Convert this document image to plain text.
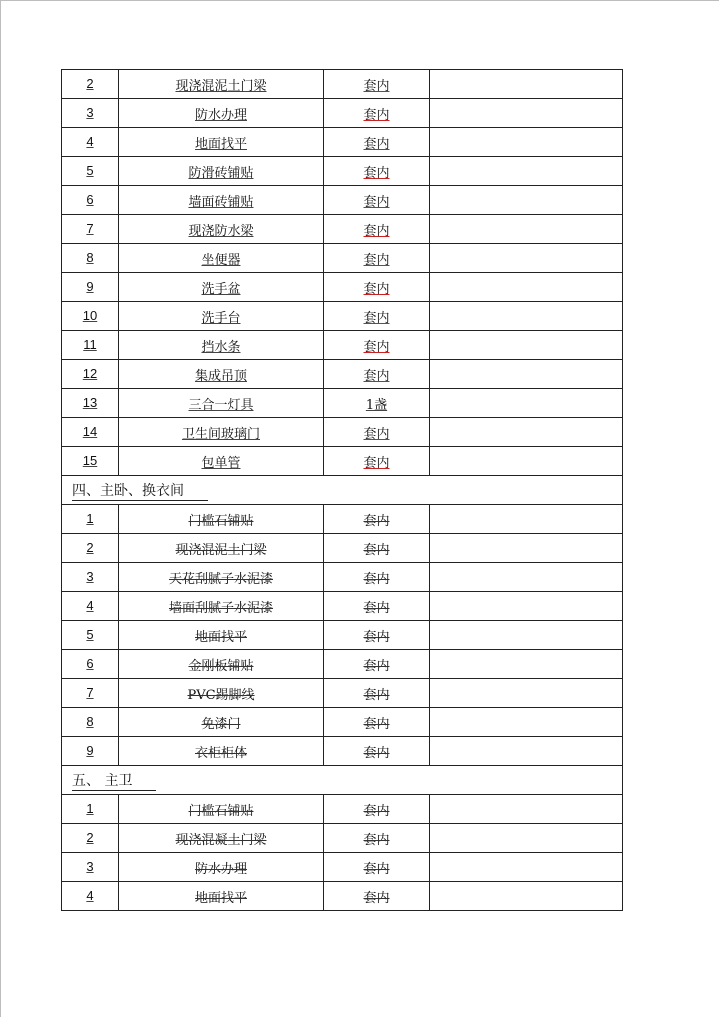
2	现浇混泥土门梁	套内	
3	防水办理	套内	
4	地面找平	套内	
5	防滑砖铺贴	套内	
6	墙面砖铺贴	套内	
7	现浇防水梁	套内	
8	坐便器	套内	
9	洗手盆	套内	
10	洗手台	套内	
11	挡水条	套内	
12	集成吊顶	套内	
13	三合一灯具	1盏	
14	卫生间玻璃门	套内	
15	包单管	套内	
四、主卧、换衣间			
1	门槛石铺贴	套内	
2	现浇混泥土门梁	套内	
3	天花刮腻子水泥漆	套内	
4	墙面刮腻子水泥漆	套内	
5	地面找平	套内	
6	金刚板铺贴	套内	
7	PVC踢脚线	套内	
8	免漆门	套内	
9	衣柜柜体	套内	
五、 主卫			
1	门槛石铺贴	套内	
2	现浇混凝土门梁	套内	
3	防水办理	套内	
4	地面找平	套内	
